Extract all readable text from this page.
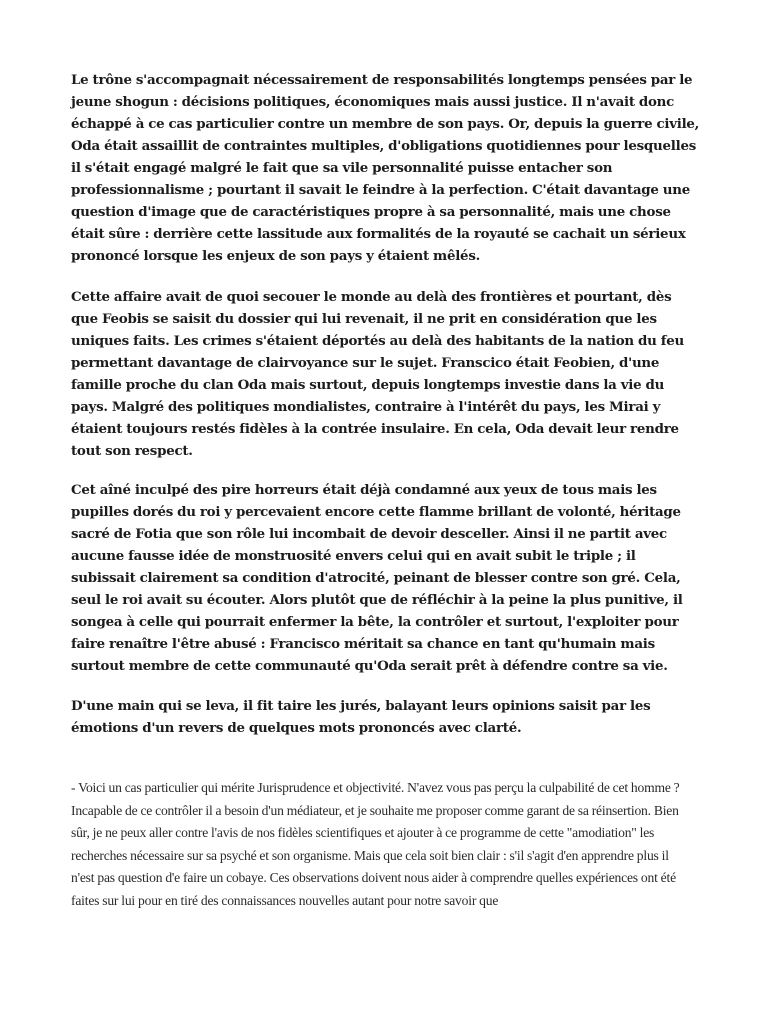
Le trône s'accompagnait nécessairement de responsabilités longtemps pensées par le jeune shogun : décisions politiques, économiques mais aussi justice. Il n'avait donc échappé à ce cas particulier contre un membre de son pays. Or, depuis la guerre civile, Oda était assaillit de contraintes multiples, d'obligations quotidiennes pour lesquelles il s'était engagé malgré le fait que sa vile personnalité puisse entacher son professionnalisme ; pourtant il savait le feindre à la perfection. C'était davantage une question d'image que de caractéristiques propre à sa personnalité, mais une chose était sûre : derrière cette lassitude aux formalités de la royauté se cachait un sérieux prononcé lorsque les enjeux de son pays y étaient mêlés.

Cette affaire avait de quoi secouer le monde au delà des frontières et pourtant, dès que Feobis se saisit du dossier qui lui revenait, il ne prit en considération que les uniques faits. Les crimes s'étaient déportés au delà des habitants de la nation du feu permettant davantage de clairvoyance sur le sujet. Franscico était Feobien, d'une famille proche du clan Oda mais surtout, depuis longtemps investie dans la vie du pays. Malgré des politiques mondialistes, contraire à l'intérêt du pays, les Mirai y étaient toujours restés fidèles à la contrée insulaire. En cela, Oda devait leur rendre tout son respect.

Cet aîné inculpé des pire horreurs était déjà condamné aux yeux de tous mais les pupilles dorés du roi y percevaient encore cette flamme brillant de volonté, héritage sacré de Fotia que son rôle lui incombait de devoir desceller. Ainsi il ne partit avec aucune fausse idée de monstruosité envers celui qui en avait subit le triple ; il subissait clairement sa condition d'atrocité, peinant de blesser contre son gré. Cela, seul le roi avait su écouter. Alors plutôt que de réfléchir à la peine la plus punitive, il songea à celle qui pourrait enfermer la bête, la contrôler et surtout, l'exploiter pour faire renaître l'être abusé : Francisco méritait sa chance en tant qu'humain mais surtout membre de cette communauté qu'Oda serait prêt à défendre contre sa vie.

D'une main qui se leva, il fit taire les jurés, balayant leurs opinions saisit par les émotions d'un revers de quelques mots prononcés avec clarté.

- Voici un cas particulier qui mérite Jurisprudence et objectivité. N'avez vous pas perçu la culpabilité de cet homme ? Incapable de ce contrôler il a besoin d'un médiateur, et je souhaite me proposer comme garant de sa réinsertion. Bien sûr, je ne peux aller contre l'avis de nos fidèles scientifiques et ajouter à ce programme de cette "amodiation" les recherches nécessaire sur sa psyché et son organisme. Mais que cela soit bien clair : s'il s'agit d'en apprendre plus il n'est pas question d'e faire un cobaye. Ces observations doivent nous aider à comprendre quelles expériences ont été faites sur lui pour en tiré des connaissances nouvelles autant pour notre savoir que
